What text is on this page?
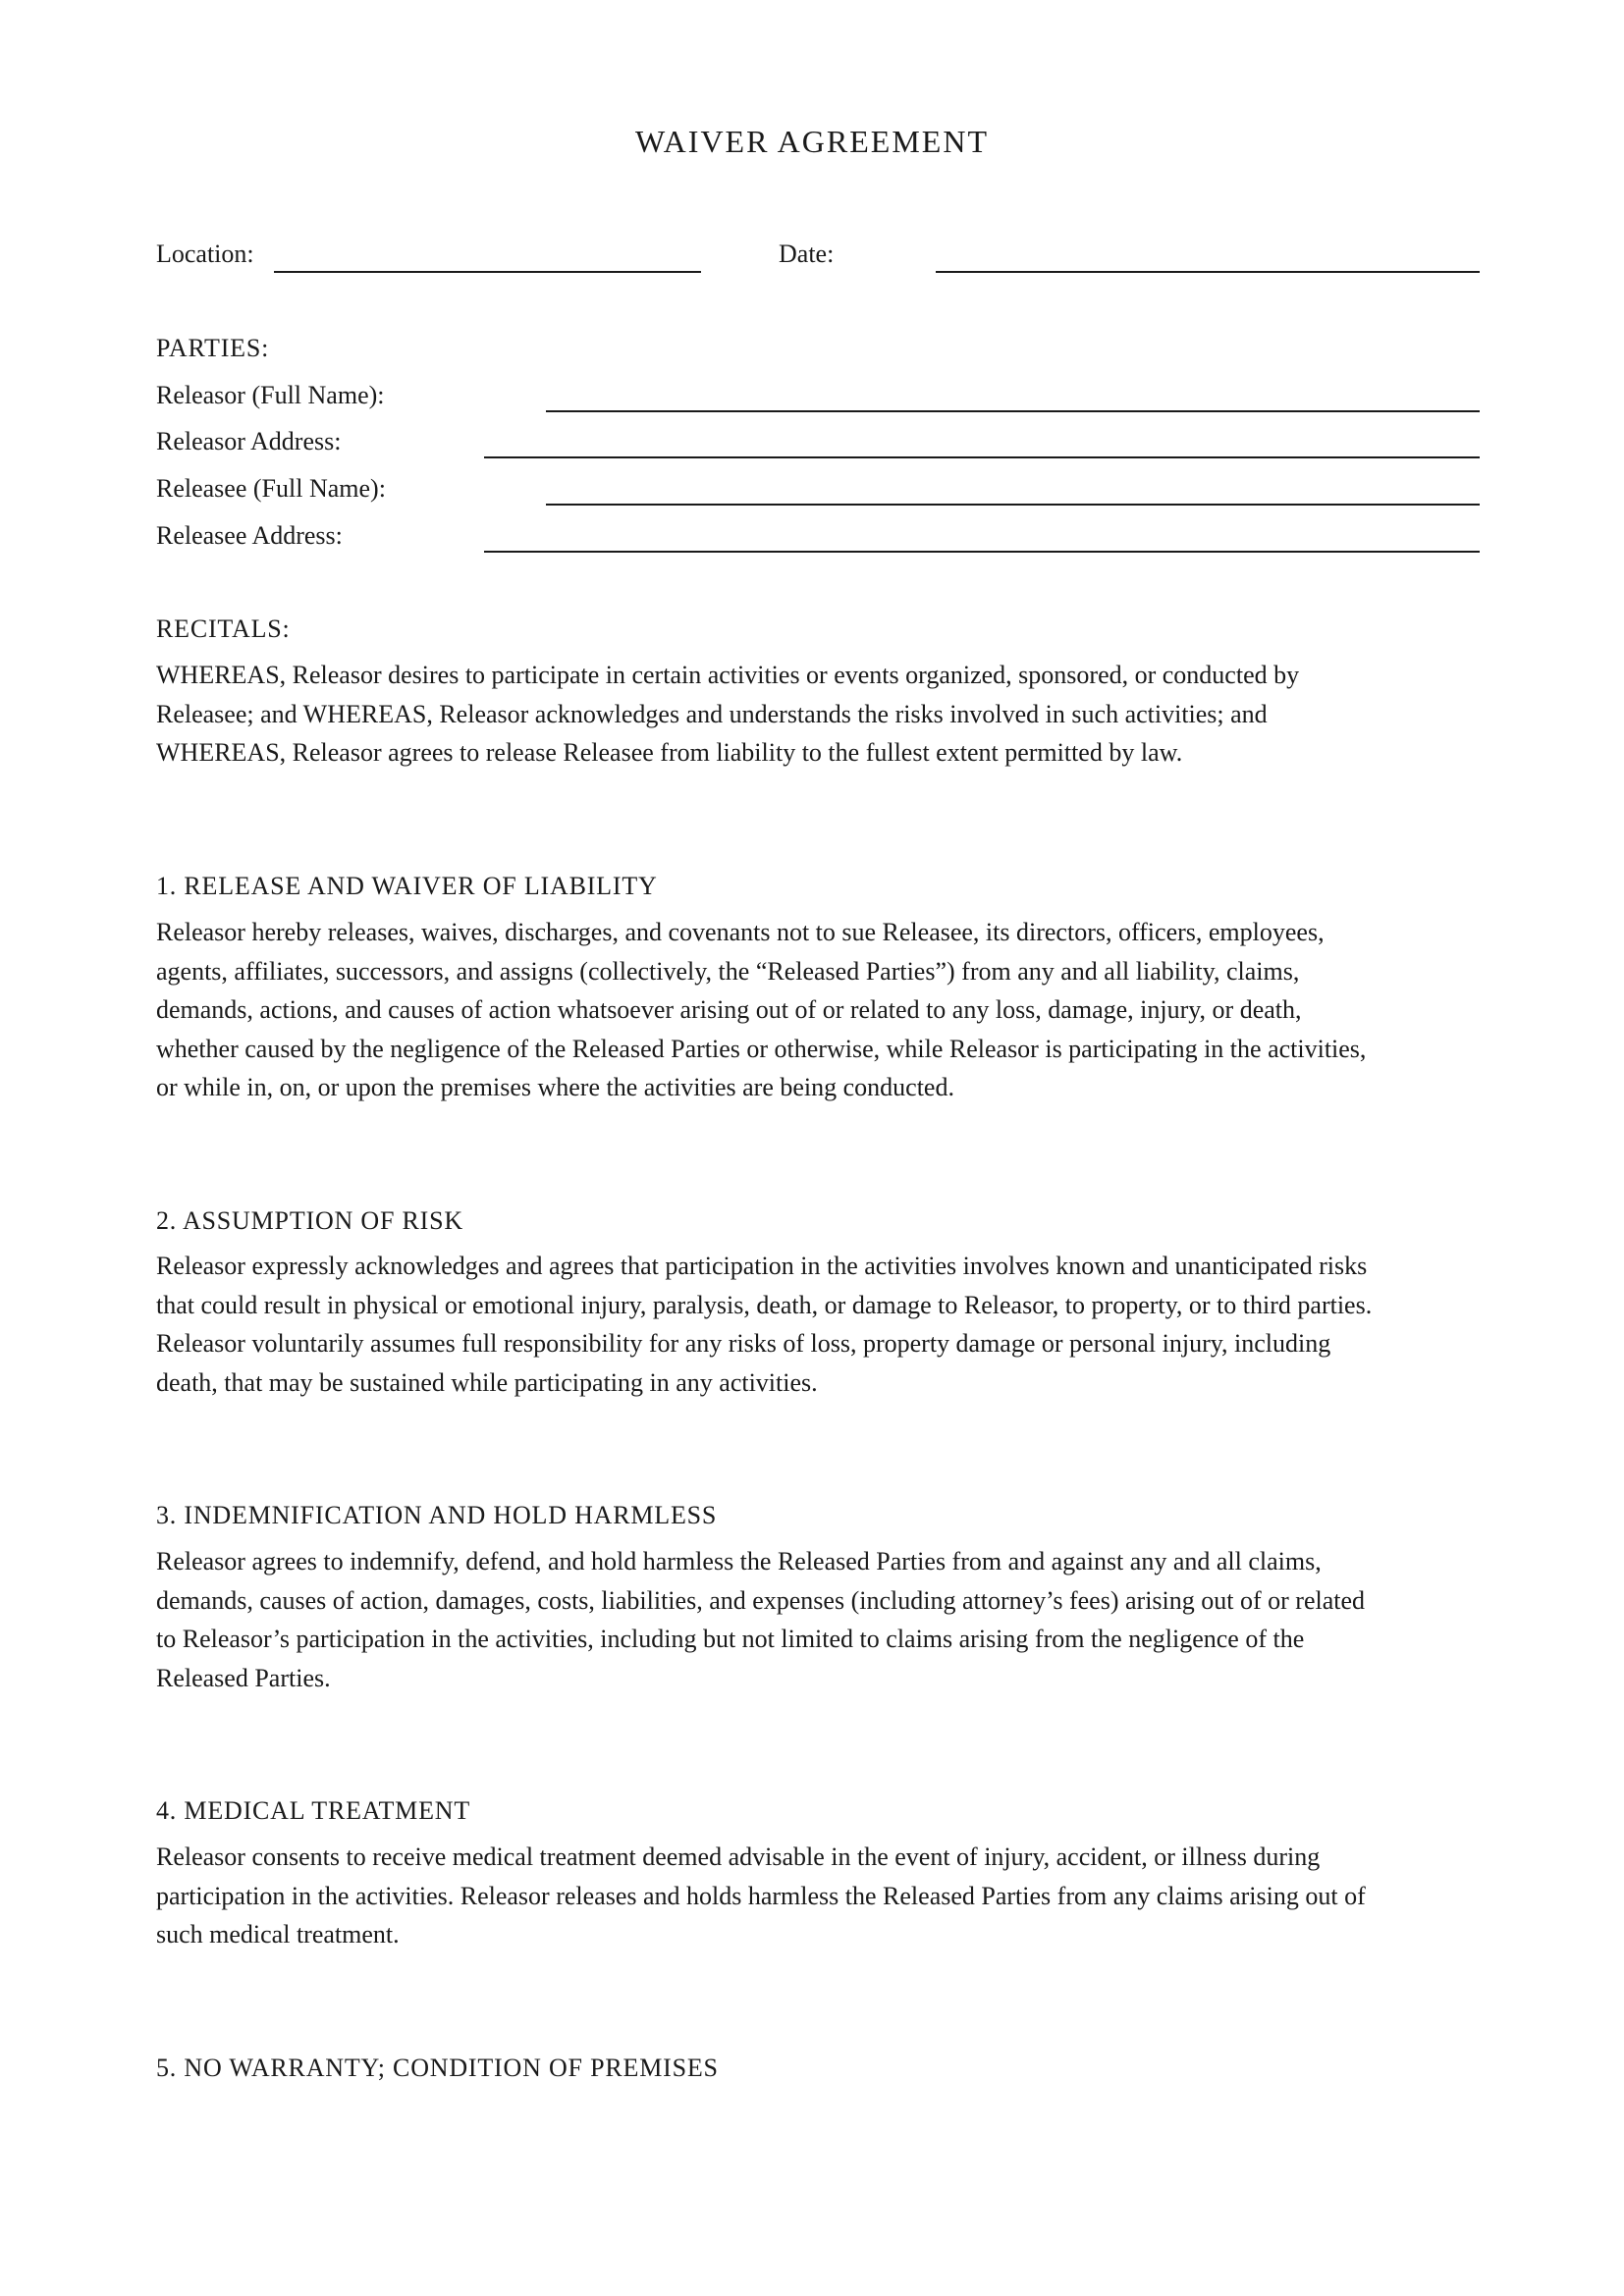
WAIVER AGREEMENT
Location:	Date:
PARTIES:
Releasor (Full Name):
Releasor Address:
Releasee (Full Name):
Releasee Address:
RECITALS:
WHEREAS, Releasor desires to participate in certain activities or events organized, sponsored, or conducted by
Releasee; and WHEREAS, Releasor acknowledges and understands the risks involved in such activities; and
WHEREAS, Releasor agrees to release Releasee from liability to the fullest extent permitted by law.
1. RELEASE AND WAIVER OF LIABILITY
Releasor hereby releases, waives, discharges, and covenants not to sue Releasee, its directors, officers, employees,
agents, affiliates, successors, and assigns (collectively, the “Released Parties”) from any and all liability, claims,
demands, actions, and causes of action whatsoever arising out of or related to any loss, damage, injury, or death,
whether caused by the negligence of the Released Parties or otherwise, while Releasor is participating in the activities,
or while in, on, or upon the premises where the activities are being conducted.
2. ASSUMPTION OF RISK
Releasor expressly acknowledges and agrees that participation in the activities involves known and unanticipated risks
that could result in physical or emotional injury, paralysis, death, or damage to Releasor, to property, or to third parties.
Releasor voluntarily assumes full responsibility for any risks of loss, property damage or personal injury, including
death, that may be sustained while participating in any activities.
3. INDEMNIFICATION AND HOLD HARMLESS
Releasor agrees to indemnify, defend, and hold harmless the Released Parties from and against any and all claims,
demands, causes of action, damages, costs, liabilities, and expenses (including attorney’s fees) arising out of or related
to Releasor’s participation in the activities, including but not limited to claims arising from the negligence of the
Released Parties.
4. MEDICAL TREATMENT
Releasor consents to receive medical treatment deemed advisable in the event of injury, accident, or illness during
participation in the activities. Releasor releases and holds harmless the Released Parties from any claims arising out of
such medical treatment.
5. NO WARRANTY; CONDITION OF PREMISES
